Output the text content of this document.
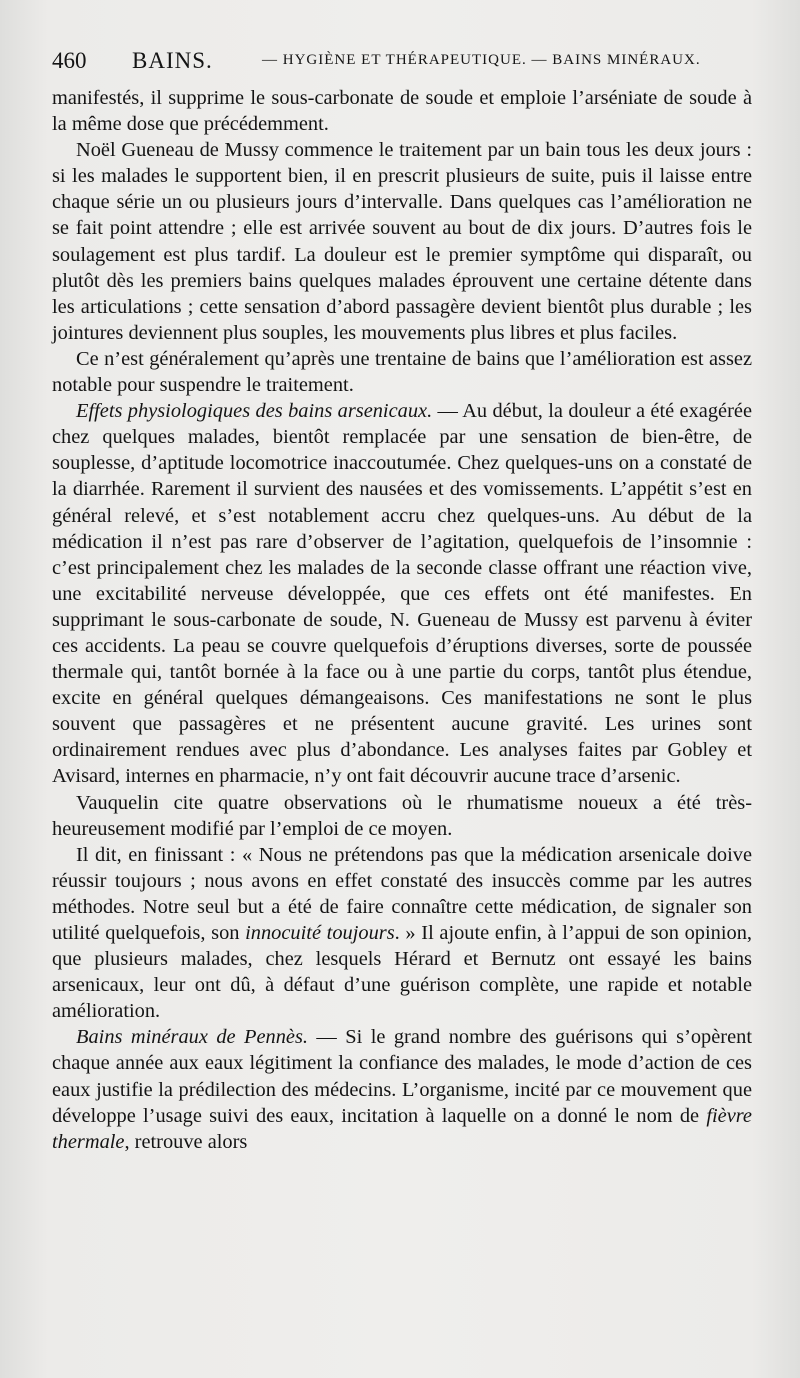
460 BAINS.	— HYGIÈNE ET THÉRAPEUTIQUE. — BAINS MINÉRAUX.

manifestés, il supprime le sous-carbonate de soude et emploie l’arséniate de soude à la même dose que précédemment.

Noël Gueneau de Mussy commence le traitement par un bain tous les deux jours : si les malades le supportent bien, il en prescrit plusieurs de suite, puis il laisse entre chaque série un ou plusieurs jours d’intervalle. Dans quelques cas l’amélioration ne se fait point attendre ; elle est arrivée souvent au bout de dix jours. D’autres fois le soulagement est plus tardif. La douleur est le premier symptôme qui disparaît, ou plutôt dès les premiers bains quelques malades éprouvent une certaine détente dans les articulations ; cette sensation d’abord passagère devient bientôt plus durable ; les jointures deviennent plus souples, les mouvements plus libres et plus faciles.

Ce n’est généralement qu’après une trentaine de bains que l’amélioration est assez notable pour suspendre le traitement.

Effets physiologiques des bains arsenicaux. — Au début, la douleur a été exagérée chez quelques malades, bientôt remplacée par une sensation de bien-être, de souplesse, d’aptitude locomotrice inaccoutumée. Chez quelques-uns on a constaté de la diarrhée. Rarement il survient des nausées et des vomissements. L’appétit s’est en général relevé, et s’est notablement accru chez quelques-uns. Au début de la médication il n’est pas rare d’observer de l’agitation, quelquefois de l’insomnie : c’est principalement chez les malades de la seconde classe offrant une réaction vive, une excitabilité nerveuse développée, que ces effets ont été manifestes. En supprimant le sous-carbonate de soude, N. Gueneau de Mussy est parvenu à éviter ces accidents. La peau se couvre quelquefois d’éruptions diverses, sorte de poussée thermale qui, tantôt bornée à la face ou à une partie du corps, tantôt plus étendue, excite en général quelques démangeaisons. Ces manifestations ne sont le plus souvent que passagères et ne présentent aucune gravité. Les urines sont ordinairement rendues avec plus d’abondance. Les analyses faites par Gobley et Avisard, internes en pharmacie, n’y ont fait découvrir aucune trace d’arsenic.

Vauquelin cite quatre observations où le rhumatisme noueux a été très-heureusement modifié par l’emploi de ce moyen.

Il dit, en finissant : « Nous ne prétendons pas que la médication arsenicale doive réussir toujours ; nous avons en effet constaté des insuccès comme par les autres méthodes. Notre seul but a été de faire connaître cette médication, de signaler son utilité quelquefois, son innocuité toujours. » Il ajoute enfin, à l’appui de son opinion, que plusieurs malades, chez lesquels Hérard et Bernutz ont essayé les bains arsenicaux, leur ont dû, à défaut d’une guérison complète, une rapide et notable amélioration.

Bains minéraux de Pennès. — Si le grand nombre des guérisons qui s’opèrent chaque année aux eaux légitiment la confiance des malades, le mode d’action de ces eaux justifie la prédilection des médecins. L’organisme, incité par ce mouvement que développe l’usage suivi des eaux, incitation à laquelle on a donné le nom de fièvre thermale, retrouve alors
